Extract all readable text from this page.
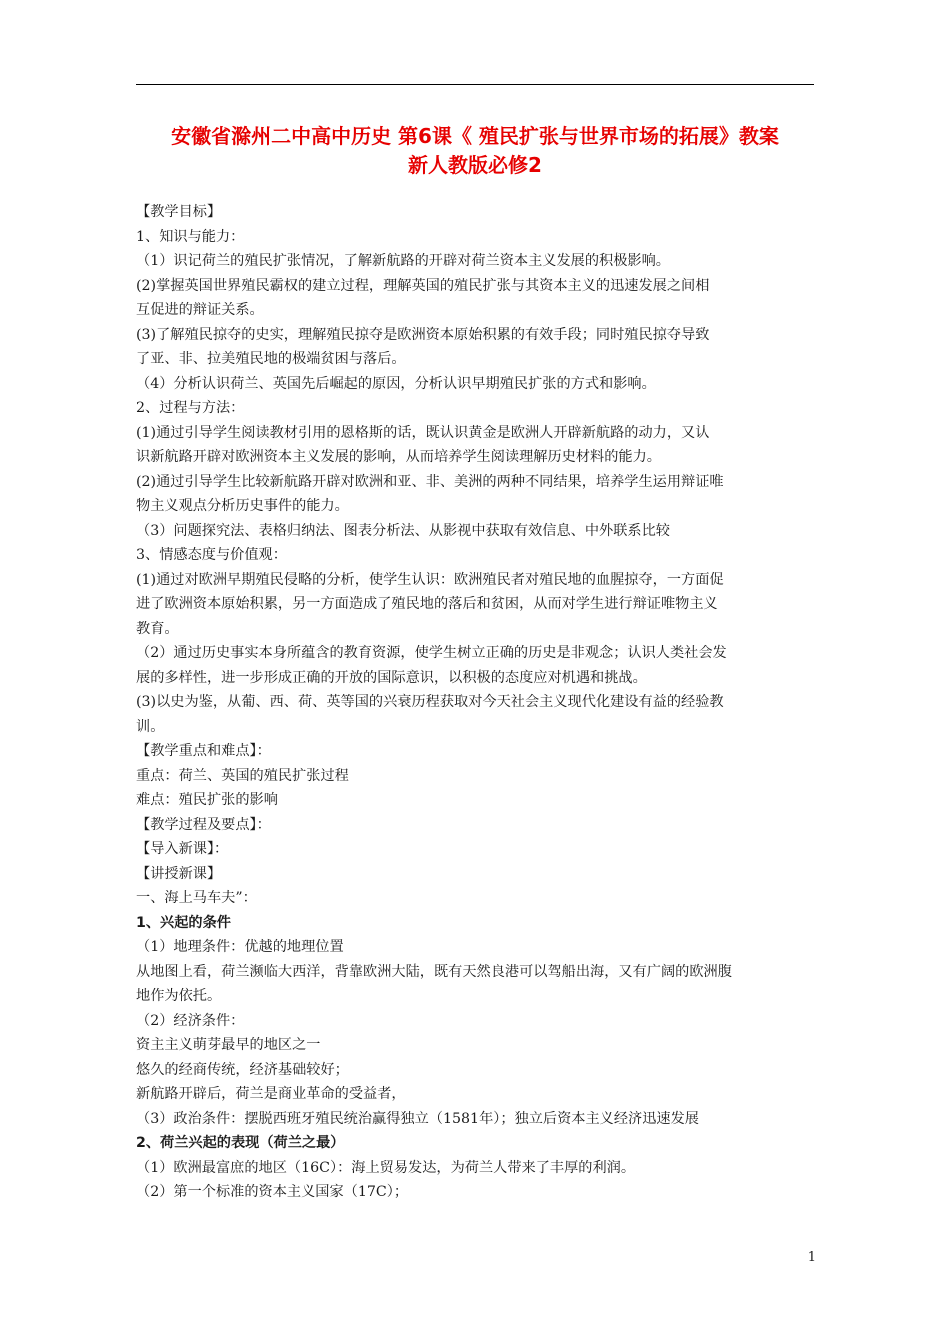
安徽省滁州二中高中历史 第6课《 殖民扩张与世界市场的拓展》教案
新人教版必修2
【教学目标】
1、知识与能力：
（1）识记荷兰的殖民扩张情况，了解新航路的开辟对荷兰资本主义发展的积极影响。
(2)掌握英国世界殖民霸权的建立过程，理解英国的殖民扩张与其资本主义的迅速发展之间相
互促进的辩证关系。
(3)了解殖民掠夺的史实，理解殖民掠夺是欧洲资本原始积累的有效手段；同时殖民掠夺导致
了亚、非、拉美殖民地的极端贫困与落后。
（4）分析认识荷兰、英国先后崛起的原因，分析认识早期殖民扩张的方式和影响。
2、过程与方法：
(1)通过引导学生阅读教材引用的恩格斯的话，既认识黄金是欧洲人开辟新航路的动力，又认
识新航路开辟对欧洲资本主义发展的影响，从而培养学生阅读理解历史材料的能力。
(2)通过引导学生比较新航路开辟对欧洲和亚、非、美洲的两种不同结果，培养学生运用辩证唯
物主义观点分析历史事件的能力。
（3）问题探究法、表格归纳法、图表分析法、从影视中获取有效信息、中外联系比较
3、情感态度与价值观：
(1)通过对欧洲早期殖民侵略的分析，使学生认识：欧洲殖民者对殖民地的血腥掠夺，一方面促
进了欧洲资本原始积累，另一方面造成了殖民地的落后和贫困，从而对学生进行辩证唯物主义
教育。
（2）通过历史事实本身所蕴含的教育资源，使学生树立正确的历史是非观念；认识人类社会发
展的多样性，进一步形成正确的开放的国际意识，以积极的态度应对机遇和挑战。
(3)以史为鉴，从葡、西、荷、英等国的兴衰历程获取对今天社会主义现代化建设有益的经验教
训。
【教学重点和难点】：
重点：荷兰、英国的殖民扩张过程
难点：殖民扩张的影响
【教学过程及要点】：
【导入新课】：
【讲授新课】
一、海上马车夫”：
1、兴起的条件
（1）地理条件：优越的地理位置
从地图上看，荷兰濒临大西洋，背靠欧洲大陆，既有天然良港可以驾船出海，又有广阔的欧洲腹
地作为依托。
（2）经济条件：
资主主义萌芽最早的地区之一
悠久的经商传统，经济基础较好；
新航路开辟后，荷兰是商业革命的受益者，
（3）政治条件：摆脱西班牙殖民统治赢得独立（1581年）；独立后资本主义经济迅速发展
2、荷兰兴起的表现（荷兰之最）
（1）欧洲最富庶的地区（16C）：海上贸易发达，为荷兰人带来了丰厚的利润。
（2）第一个标准的资本主义国家（17C）；
1
